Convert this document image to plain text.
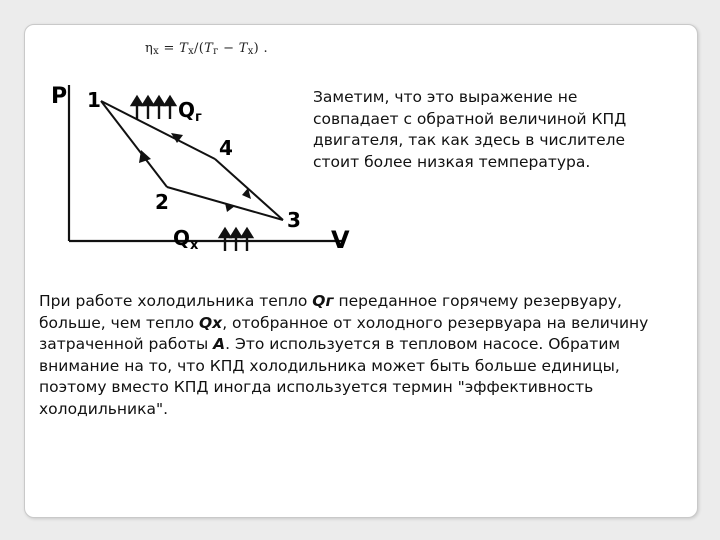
$\eta_x = T_x/(T_г - T_x)$ .
P
V
1
4
2
3
$Q_г$
$Q_x$
Заметим, что это выражение не совпадает с обратной величиной КПД двигателя, так как здесь в числителе стоит более низкая температура.
При работе холодильника тепло Qг переданное горячему резервуару, больше, чем тепло Qx, отобранное от холодного резервуара на величину затраченной работы A. Это используется в тепловом насосе. Обратим внимание на то, что КПД холодильника может быть больше единицы, поэтому вместо КПД иногда используется термин "эффективность холодильника".
